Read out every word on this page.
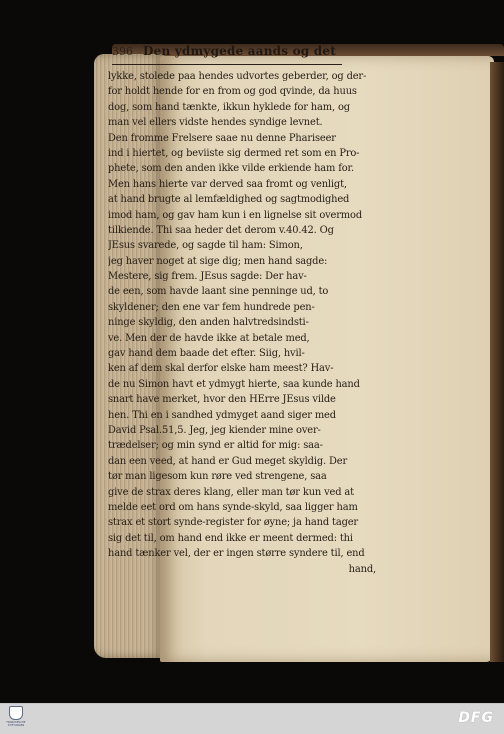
396 Den ydmygede aands og det
lykke, stolede paa hendes udvortes geberder, og der-
for holdt hende for en from og god qvinde, da huus
dog, som hand tænkte, ikkun hyklede for ham, og
man vel ellers vidste hendes syndige levnet.
Den fromme Frelsere saae nu denne Phariseer
ind i hiertet, og beviiste sig dermed ret som en Pro-
phete, som den anden ikke vilde erkiende ham for.
Men hans hierte var derved saa fromt og venligt,
at hand brugte al lemfældighed og sagtmodighed
imod ham, og gav ham kun i en lignelse sit overmod
tilkiende. Thi saa heder det derom v.40.42. Og
JEsus svarede, og sagde til ham: Simon,
jeg haver noget at sige dig; men hand sagde:
Mestere, sig frem. JEsus sagde: Der hav-
de een, som havde laant sine penninge ud, to
skyldener; den ene var fem hundrede pen-
ninge skyldig, den anden halvtredsindsti-
ve. Men der de havde ikke at betale med,
gav hand dem baade det efter. Siig, hvil-
ken af dem skal derfor elske ham meest? Hav-
de nu Simon havt et ydmygt hierte, saa kunde hand
snart have merket, hvor den HErre JEsus vilde
hen. Thi en i sandhed ydmyget aand siger med
David Psal.51,5. Jeg, jeg kiender mine over-
trædelser; og min synd er altid for mig: saa-
dan een veed, at hand er Gud meget skyldig. Der
tør man ligesom kun røre ved strengene, saa
give de strax deres klang, eller man tør kun ved at
melde eet ord om hans synde-skyld, saa ligger ham
strax et stort synde-register for øyne; ja hand tager
sig det til, om hand end ikke er meent dermed: thi
hand tænker vel, der er ingen større syndere til, end
hand,
FRANCKESCHE
STIFTUNGEN	DFG
